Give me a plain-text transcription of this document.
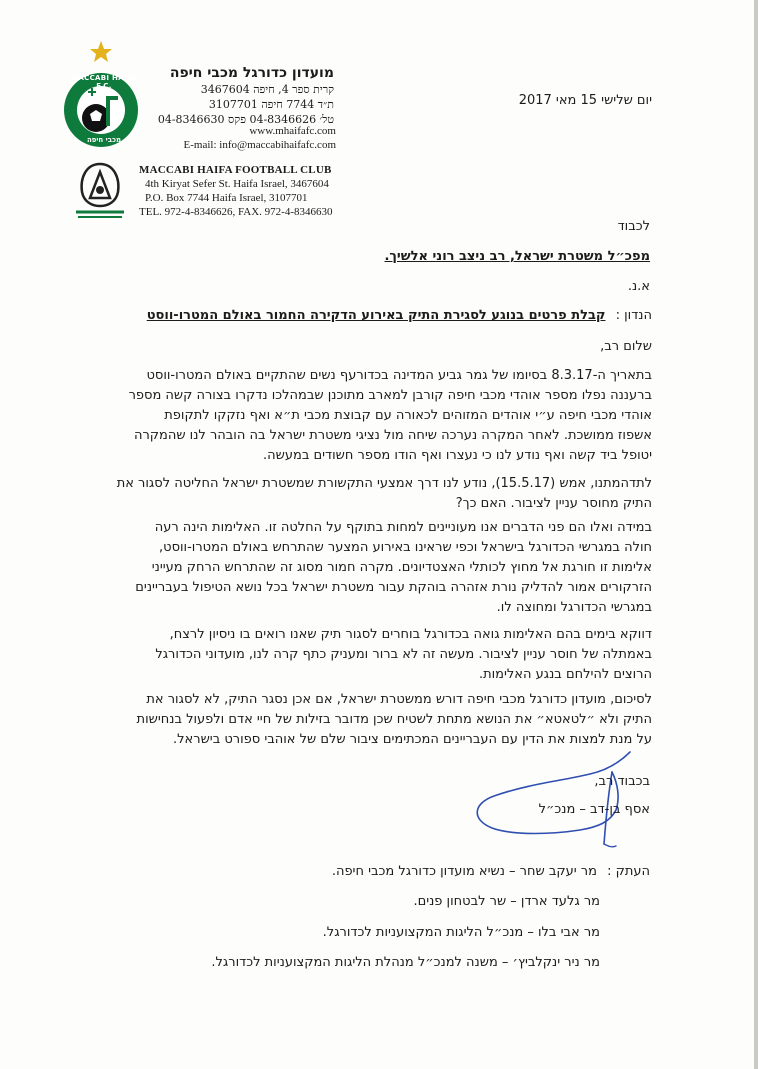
מועדון כדורגל מכבי חיפה
קרית ספר 4, חיפה 3467604
ת״ד 7744 חיפה 3107701
טל׳ 04-8346626 פקס 04-8346630
www.mhaifafc.com
E-mail: info@maccabihaifafc.com
MACCABI HAIFA FOOTBALL CLUB
4th Kiryat Sefer St. Haifa Israel, 3467604
P.O. Box 7744 Haifa Israel, 3107701
TEL. 972-4-8346626, FAX. 972-4-8346630
יום שלישי 15 מאי 2017
לכבוד
מפכ״ל משטרת ישראל, רב ניצב רוני אלשיך.
א.נ.
הנדון : קבלת פרטים בנוגע לסגירת התיק באירוע הדקירה החמור באולם המטרו-ווסט
שלום רב,
בתאריך ה-8.3.17 בסיומו של גמר גביע המדינה בכדורעף נשים שהתקיים באולם המטרו-ווסט
ברעננה נפלו מספר אוהדי מכבי חיפה קורבן למארב מתוכנן שבמהלכו נדקרו בצורה קשה מספר
אוהדי מכבי חיפה ע״י אוהדים המזוהים לכאורה עם קבוצת מכבי ת״א ואף נזקקו לתקופת
אשפוז ממושכת. לאחר המקרה נערכה שיחה מול נציגי משטרת ישראל בה הובהר לנו שהמקרה
יטופל ביד קשה ואף נודע לנו כי נעצרו ואף הודו מספר חשודים במעשה.
לתדהמתנו, אמש (15.5.17), נודע לנו דרך אמצעי התקשורת שמשטרת ישראל החליטה לסגור את
התיק מחוסר עניין לציבור. האם כך?
במידה ואלו הם פני הדברים אנו מעוניינים למחות בתוקף על החלטה זו. האלימות הינה רעה
חולה במגרשי הכדורגל בישראל וכפי שראינו באירוע המצער שהתרחש באולם המטרו-ווסט,
אלימות זו חורגת אל מחוץ לכותלי האצטדיונים. מקרה חמור מסוג זה שהתרחש הרחק מעייני
הזרקורים אמור להדליק נורת אזהרה בוהקת עבור משטרת ישראל בכל נושא הטיפול בעבריינים
במגרשי הכדורגל ומחוצה לו.
דווקא בימים בהם האלימות גואה בכדורגל בוחרים לסגור תיק שאנו רואים בו ניסיון לרצח,
באמתלה של חוסר עניין לציבור. מעשה זה לא ברור ומעניק כתף קרה לנו, מועדוני הכדורגל
הרוצים להילחם בנגע האלימות.
לסיכום, מועדון כדורגל מכבי חיפה דורש ממשטרת ישראל, אם אכן נסגר התיק, לא לסגור את
התיק ולא ״לטאטא״ את הנושא מתחת לשטיח שכן מדובר בזילות של חיי אדם ולפעול בנחישות
על מנת למצות את הדין עם העבריינים המכתימים ציבור שלם של אוהבי ספורט בישראל.
בכבוד רב,
אסף בן-דב – מנכ״ל
העתק : מר יעקב שחר – נשיא מועדון כדורגל מכבי חיפה.
מר גלעד ארדן – שר לבטחון פנים.
מר אבי בלו – מנכ״ל הליגות המקצועניות לכדורגל.
מר ניר ינקלביץ׳ – משנה למנכ״ל מנהלת הליגות המקצועניות לכדורגל.
MACCABI HAIFA F.C.
מכבי חיפה
